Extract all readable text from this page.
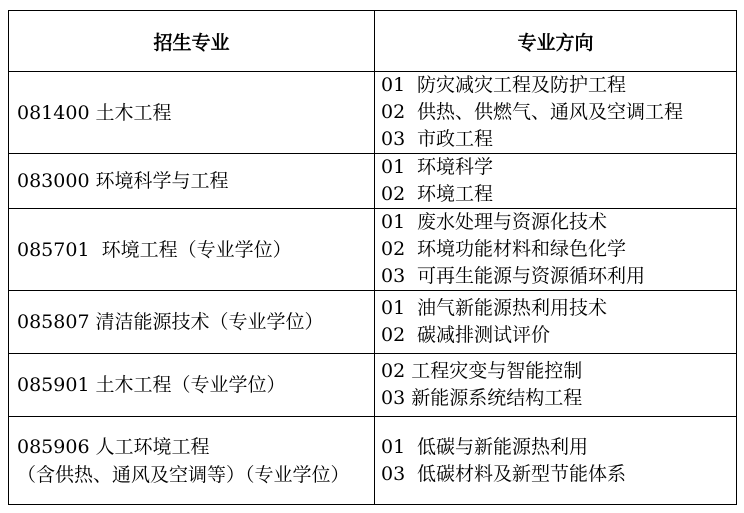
招生专业	专业方向

081400 土木工程	01 防灾减灾工程及防护工程
02 供热、供燃气、通风及空调工程
03 市政工程

083000 环境科学与工程	01 环境科学
02 环境工程

085701 环境工程（专业学位）	01 废水处理与资源化技术
02 环境功能材料和绿色化学
03 可再生能源与资源循环利用

085807 清洁能源技术（专业学位）	01 油气新能源热利用技术
02 碳减排测试评价

085901 土木工程（专业学位）	02 工程灾变与智能控制
03 新能源系统结构工程

085906 人工环境工程
（含供热、通风及空调等）（专业学位）	01 低碳与新能源热利用
03 低碳材料及新型节能体系
